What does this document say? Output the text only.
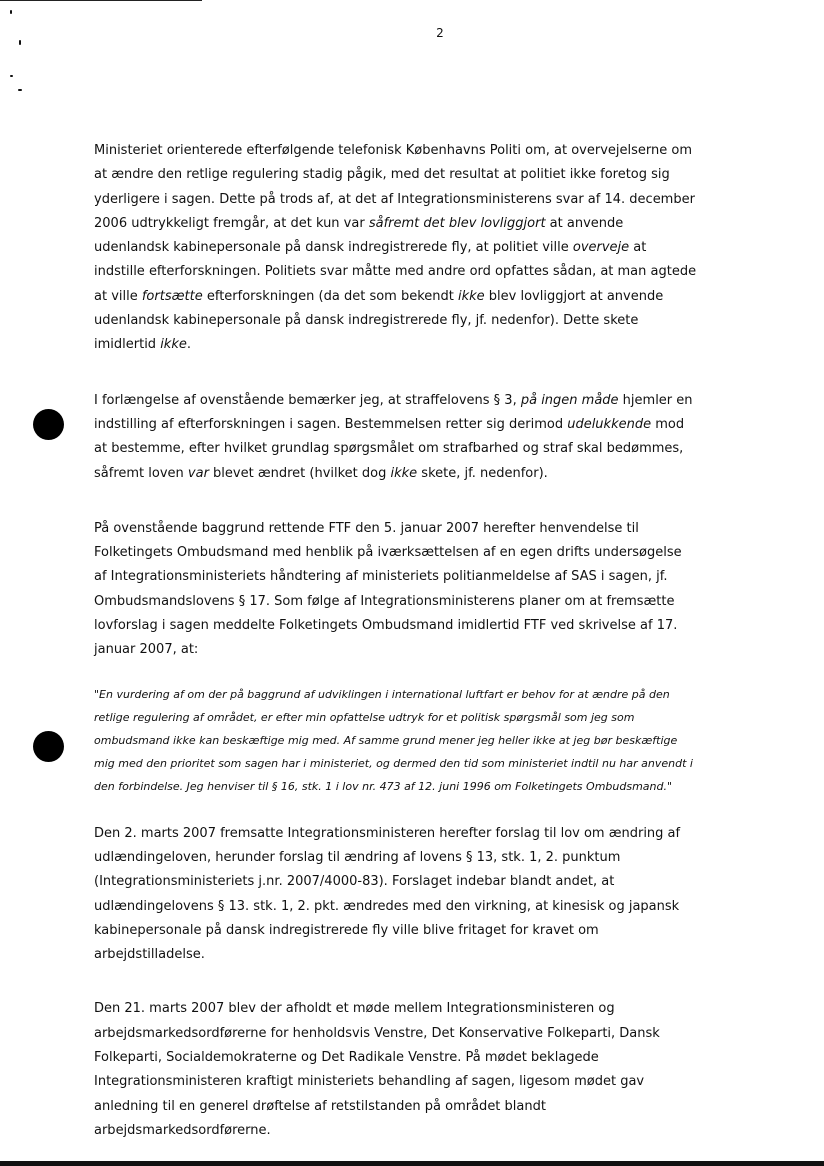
2

Ministeriet orienterede efterfølgende telefonisk Københavns Politi om, at overvejelserne om at ændre den retlige regulering stadig pågik, med det resultat at politiet ikke foretog sig yderligere i sagen. Dette på trods af, at det af Integrationsministerens svar af 14. december 2006 udtrykkeligt fremgår, at det kun var såfremt det blev lovliggjort at anvende udenlandsk kabinepersonale på dansk indregistrerede fly, at politiet ville overveje at indstille efterforskningen. Politiets svar måtte med andre ord opfattes sådan, at man agtede at ville fortsætte efterforskningen (da det som bekendt ikke blev lovliggjort at anvende udenlandsk kabinepersonale på dansk indregistrerede fly, jf. nedenfor). Dette skete imidlertid ikke.

I forlængelse af ovenstående bemærker jeg, at straffelovens § 3, på ingen måde hjemler en indstilling af efterforskningen i sagen. Bestemmelsen retter sig derimod udelukkende mod at bestemme, efter hvilket grundlag spørgsmålet om strafbarhed og straf skal bedømmes, såfremt loven var blevet ændret (hvilket dog ikke skete, jf. nedenfor).

På ovenstående baggrund rettende FTF den 5. januar 2007 herefter henvendelse til Folketingets Ombudsmand med henblik på iværksættelsen af en egen drifts undersøgelse af Integrationsministeriets håndtering af ministeriets politianmeldelse af SAS i sagen, jf. Ombudsmandslovens § 17. Som følge af Integrationsministerens planer om at fremsætte lovforslag i sagen meddelte Folketingets Ombudsmand imidlertid FTF ved skrivelse af 17. januar 2007, at:

"En vurdering af om der på baggrund af udviklingen i international luftfart er behov for at ændre på den retlige regulering af området, er efter min opfattelse udtryk for et politisk spørgsmål som jeg som ombudsmand ikke kan beskæftige mig med. Af samme grund mener jeg heller ikke at jeg bør beskæftige mig med den prioritet som sagen har i ministeriet, og dermed den tid som ministeriet indtil nu har anvendt i den forbindelse. Jeg henviser til § 16, stk. 1 i lov nr. 473 af 12. juni 1996 om Folketingets Ombudsmand."

Den 2. marts 2007 fremsatte Integrationsministeren herefter forslag til lov om ændring af udlændingeloven, herunder forslag til ændring af lovens § 13, stk. 1, 2. punktum (Integrationsministeriets j.nr. 2007/4000-83). Forslaget indebar blandt andet, at udlændingelovens § 13. stk. 1, 2. pkt. ændredes med den virkning, at kinesisk og japansk kabinepersonale på dansk indregistrerede fly ville blive fritaget for kravet om arbejdstilladelse.

Den 21. marts 2007 blev der afholdt et møde mellem Integrationsministeren og arbejdsmarkedsordførerne for henholdsvis Venstre, Det Konservative Folkeparti, Dansk Folkeparti, Socialdemokraterne og Det Radikale Venstre. På mødet beklagede Integrationsministeren kraftigt ministeriets behandling af sagen, ligesom mødet gav anledning til en generel drøftelse af retstilstanden på området blandt arbejdsmarkedsordførerne.
